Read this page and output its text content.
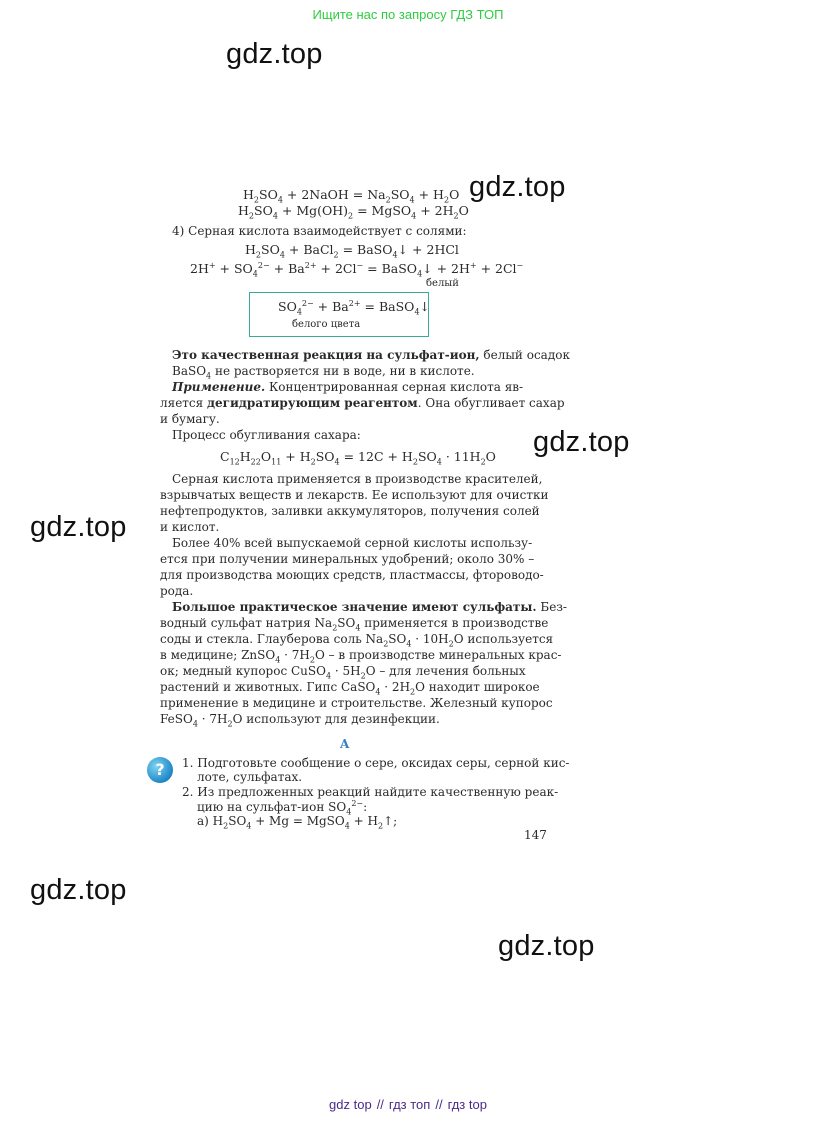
Ищите нас по запросу ГДЗ ТОП
gdz.top
gdz.top
gdz.top
gdz.top
gdz.top
gdz.top
$H_2SO_4$ + 2NaOH = $Na_2SO_4 + H_2O$
$H_2SO_4 + Mg(OH)_2$ = MgSO$_4$ + $2H_2O$
4) Серная кислота взаимодействует с солями:
$H_2SO_4$ + BaCl$_2$ = BaSO$_4$↓ + 2HCl
$2H^+ + SO_4^{2-} + Ba^{2+} + 2Cl^-$ = BaSO$_4$↓ + 2H+ + 2Cl−
белый
$SO_4^{2-} + Ba^{2+}$ = BaSO$_4$↓
белого цвета
Это качественная реакция на сульфат-ион, белый осадок
BaSO$_4$ не растворяется ни в воде, ни в кислоте.
Применение. Концентрированная серная кислота яв-
ляется дегидратирующим реагентом. Она обугливает сахар
и бумагу.
Процесс обугливания сахара:
$C_{12}H_{22}O_{11} + H_2SO_4 = 12C + H_2SO_4 \cdot 11H_2O$
Серная кислота применяется в производстве красителей,
взрывчатых веществ и лекарств. Ее используют для очистки
нефтепродуктов, заливки аккумуляторов, получения солей
и кислот.
Более 40% всей выпускаемой серной кислоты использу-
ется при получении минеральных удобрений; около 30% –
для производства моющих средств, пластмассы, фтороводо-
рода.
Большое практическое значение имеют сульфаты. Без-
водный сульфат натрия $Na_2SO_4$ применяется в производстве
соды и стекла. Глауберова соль $Na_2SO_4 \cdot 10H_2O$ используется
в медицине; ZnSO$_4$ · $7H_2O$ – в производстве минеральных крас-
ок; медный купорос CuSO$_4$ · $5H_2O$ – для лечения больных
растений и животных. Гипс CaSO$_4$ · $2H_2O$ находит широкое
применение в медицине и строительстве. Железный купорос
FeSO$_4$ · $7H_2O$ используют для дезинфекции.
A
?	1. Подготовьте сообщение о сере, оксидах серы, серной кис-
лоте, сульфатах.
2. Из предложенных реакций найдите качественную реак-
цию на сульфат-ион $SO_4^{2-}$:
а) $H_2SO_4 + Mg$ = MgSO$_4$ + $H_2↑$;
147
gdz top // гдз топ // гдз top
